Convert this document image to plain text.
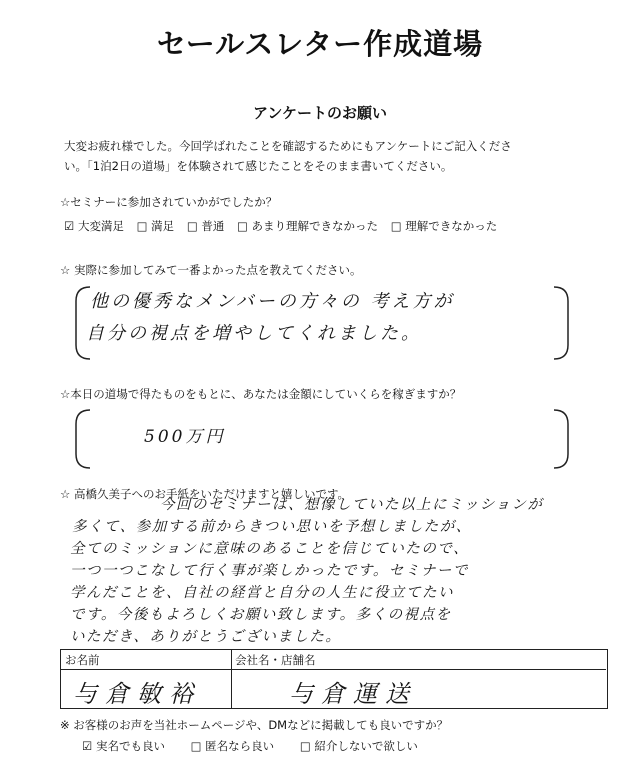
セールスレター作成道場
アンケートのお願い
大変お疲れ様でした。今回学ばれたことを確認するためにもアンケートにご記入くださ
い。「1泊2日の道場」を体験されて感じたことをそのまま書いてください。
☆セミナーに参加されていかがでしたか？
☑ 大変満足 □ 満足 □ 普通 □ あまり理解できなかった □ 理解できなかった
☆ 実際に参加してみて一番よかった点を教えてください。
他の優秀なメンバーの方々の 考え方が
自分の視点を増やしてくれました。
☆本日の道場で得たものをもとに、あなたは金額にしていくらを稼ぎますか？
500万円
☆ 高橋久美子へのお手紙をいただけますと嬉しいです。
今回のセミナーは、想像していた以上にミッションが
多くて、参加する前からきつい思いを予想しましたが、
全てのミッションに意味のあることを信じていたので、
一つ一つこなして行く事が楽しかったです。セミナーで
学んだことを、自社の経営と自分の人生に役立てたい
です。今後もよろしくお願い致します。多くの視点を
いただき、ありがとうございました。
お名前	会社名・店舗名
与倉敏裕	与倉運送
※ お客様のお声を当社ホームページや、DMなどに掲載しても良いですか？
☑ 実名でも良い □ 匿名なら良い □ 紹介しないで欲しい
